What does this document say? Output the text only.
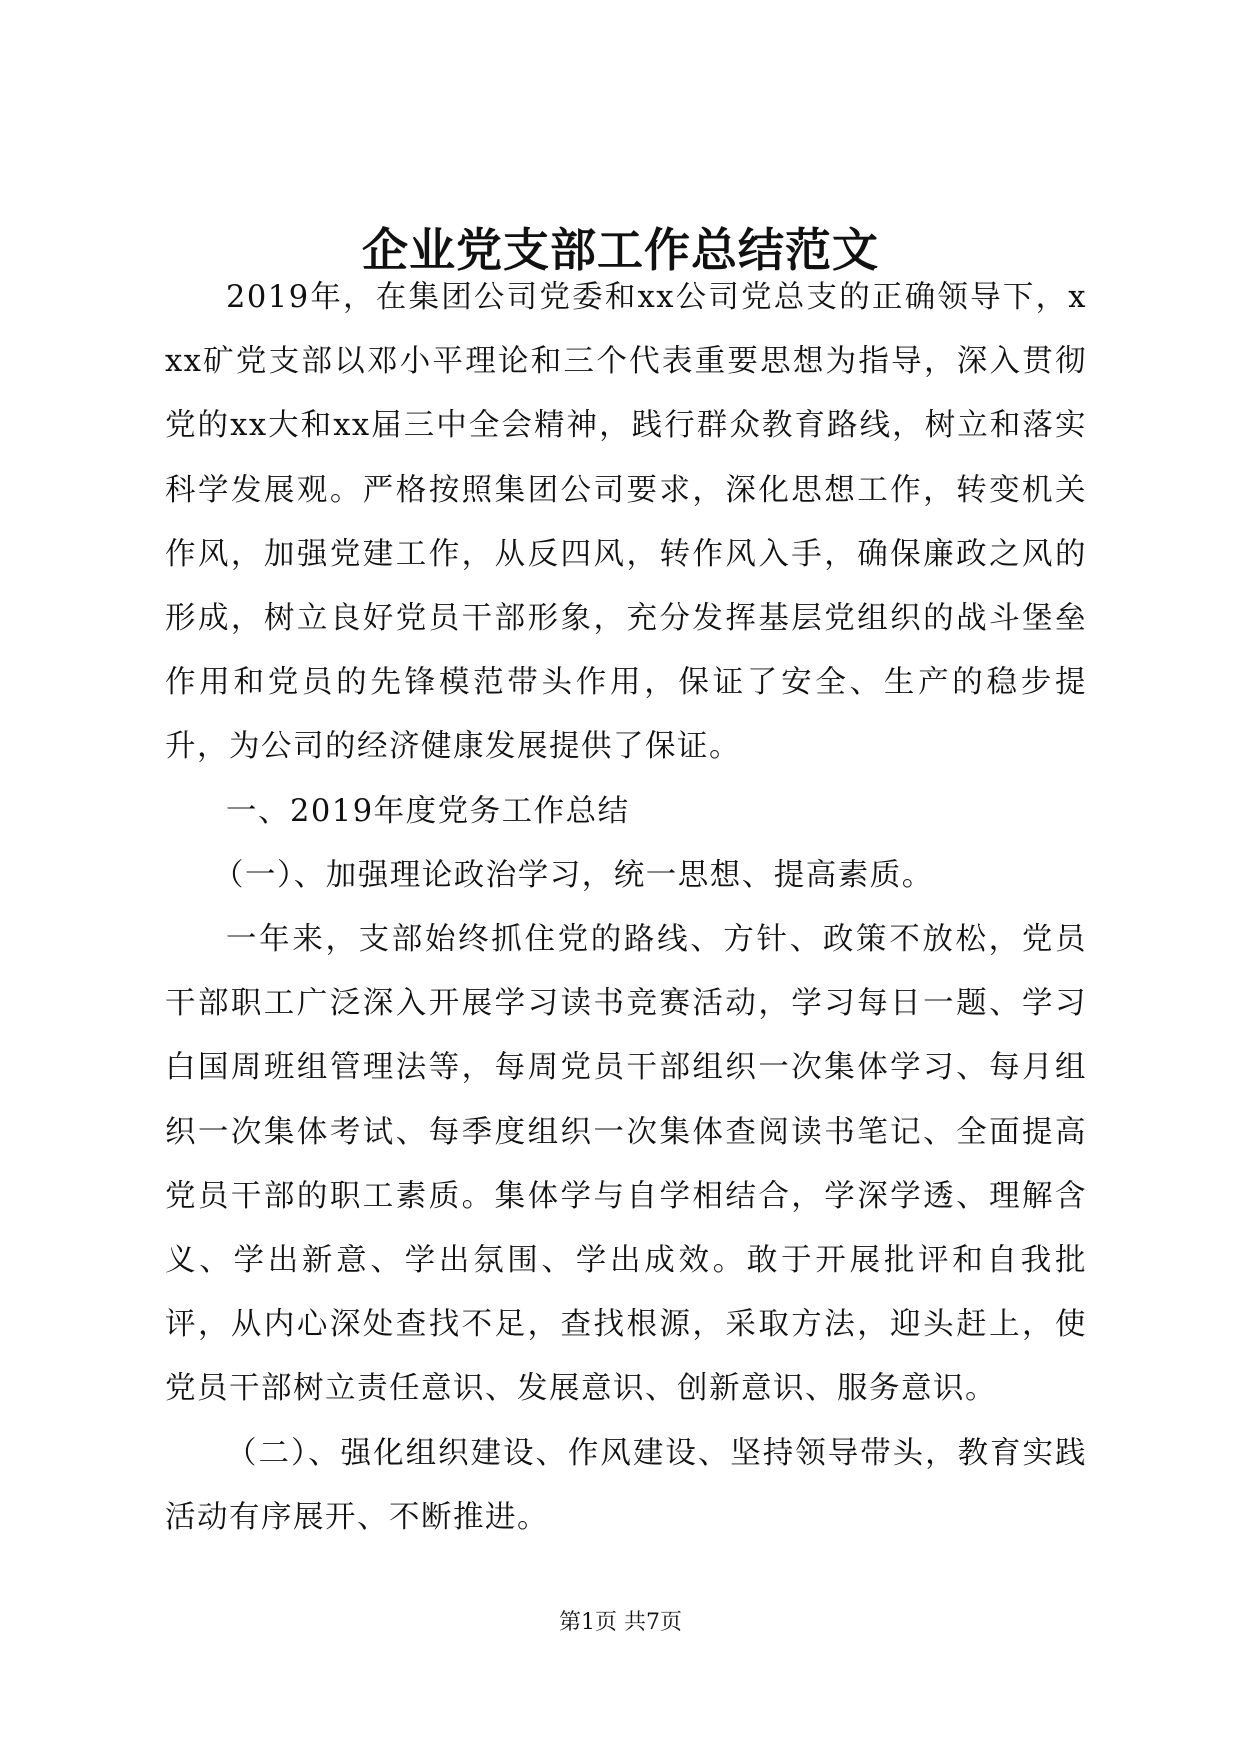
企业党支部工作总结范文

2019年，在集团公司党委和xx公司党总支的正确领导下，xxx矿党支部以邓小平理论和三个代表重要思想为指导，深入贯彻党的xx大和xx届三中全会精神，践行群众教育路线，树立和落实科学发展观。严格按照集团公司要求，深化思想工作，转变机关作风，加强党建工作，从反四风，转作风入手，确保廉政之风的形成，树立良好党员干部形象，充分发挥基层党组织的战斗堡垒作用和党员的先锋模范带头作用，保证了安全、生产的稳步提升，为公司的经济健康发展提供了保证。

一、2019年度党务工作总结

（一）、加强理论政治学习，统一思想、提高素质。

一年来，支部始终抓住党的路线、方针、政策不放松，党员干部职工广泛深入开展学习读书竞赛活动，学习每日一题、学习白国周班组管理法等，每周党员干部组织一次集体学习、每月组织一次集体考试、每季度组织一次集体查阅读书笔记、全面提高党员干部的职工素质。集体学与自学相结合，学深学透、理解含义、学出新意、学出氛围、学出成效。敢于开展批评和自我批评，从内心深处查找不足，查找根源，采取方法，迎头赶上，使党员干部树立责任意识、发展意识、创新意识、服务意识。

（二）、强化组织建设、作风建设、坚持领导带头，教育实践活动有序展开、不断推进。

第1页 共7页
